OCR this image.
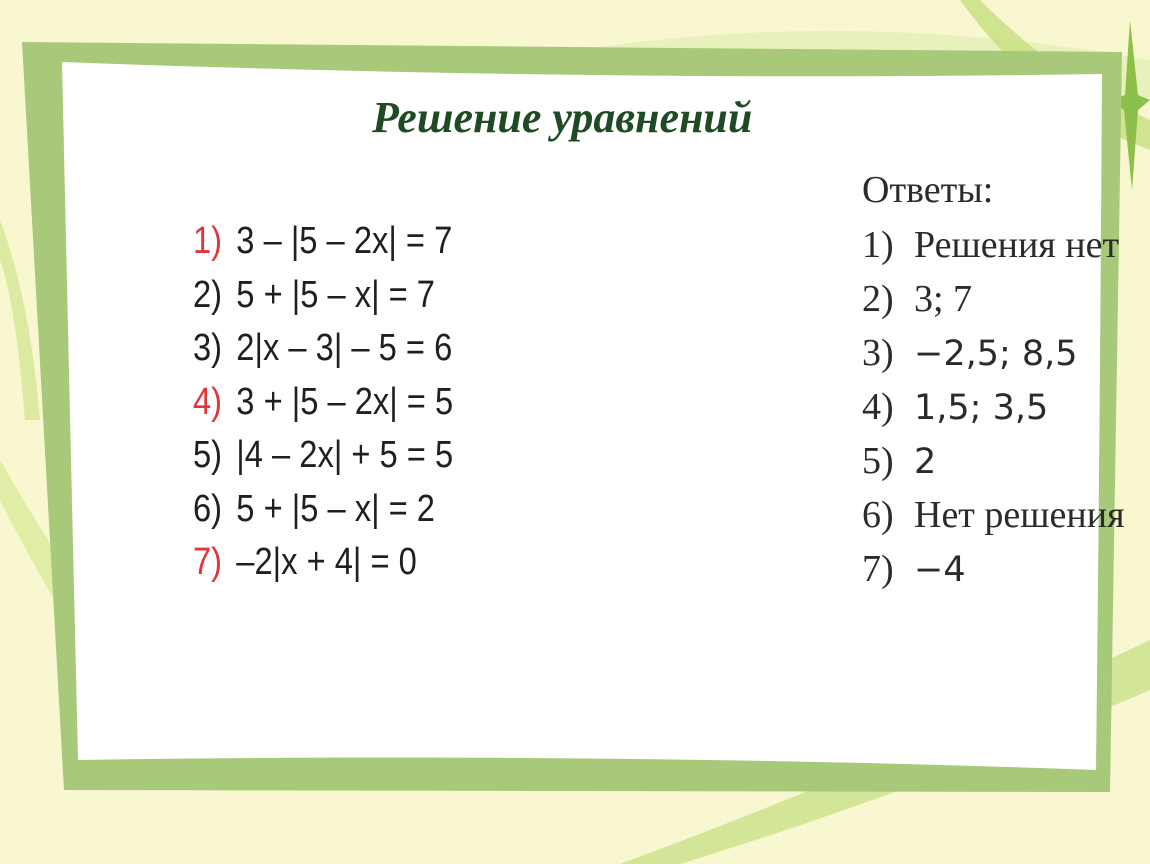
Решение уравнений
1) 3 – |5 – 2x| = 7
2) 5 + |5 – x| = 7
3) 2|x – 3| – 5 = 6
4) 3 + |5 – 2x| = 5
5) |4 – 2x| + 5 = 5
6) 5 + |5 – x| = 2
7) –2|x + 4| = 0
Ответы:
1) Решения нет
2) 3; 7
3) −2,5; 8,5
4) 1,5; 3,5
5) 2
6) Нет решения
7) −4
